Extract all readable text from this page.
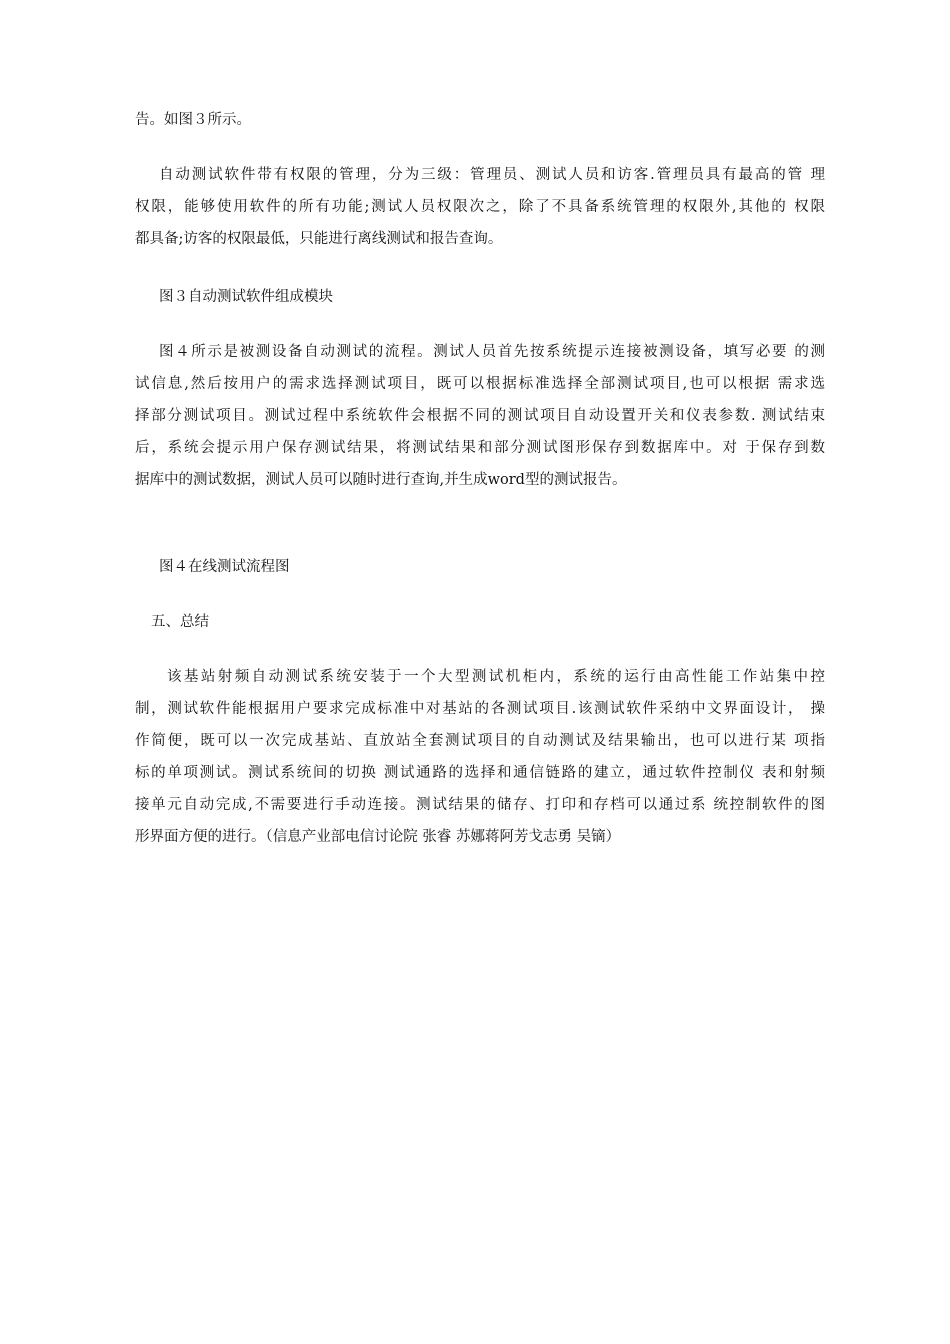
告。如图３所示。
自动测试软件带有权限的管理，分为三级：管理员、测试人员和访客.管理员具有最高的管 理
权限，能够使用软件的所有功能;测试人员权限次之，除了不具备系统管理的权限外,其他的 权限
都具备;访客的权限最低，只能进行离线测试和报告查询。
图３自动测试软件组成模块
图４所示是被测设备自动测试的流程。测试人员首先按系统提示连接被测设备，填写必要 的测
试信息,然后按用户的需求选择测试项目，既可以根据标准选择全部测试项目,也可以根据 需求选
择部分测试项目。测试过程中系统软件会根据不同的测试项目自动设置开关和仪表参数. 测试结束
后，系统会提示用户保存测试结果，将测试结果和部分测试图形保存到数据库中。对 于保存到数
据库中的测试数据，测试人员可以随时进行查询,并生成word型的测试报告。
图４在线测试流程图
五、总结
该基站射频自动测试系统安装于一个大型测试机柜内，系统的运行由高性能工作站集中控
制，测试软件能根据用户要求完成标准中对基站的各测试项目.该测试软件采纳中文界面设计， 操
作简便，既可以一次完成基站、直放站全套测试项目的自动测试及结果输出，也可以进行某 项指
标的单项测试。测试系统间的切换 测试通路的选择和通信链路的建立，通过软件控制仪 表和射频
接单元自动完成,不需要进行手动连接。测试结果的储存、打印和存档可以通过系 统控制软件的图
形界面方便的进行。（信息产业部电信讨论院 张睿 苏娜蒋阿芳戈志勇 吴镝）
